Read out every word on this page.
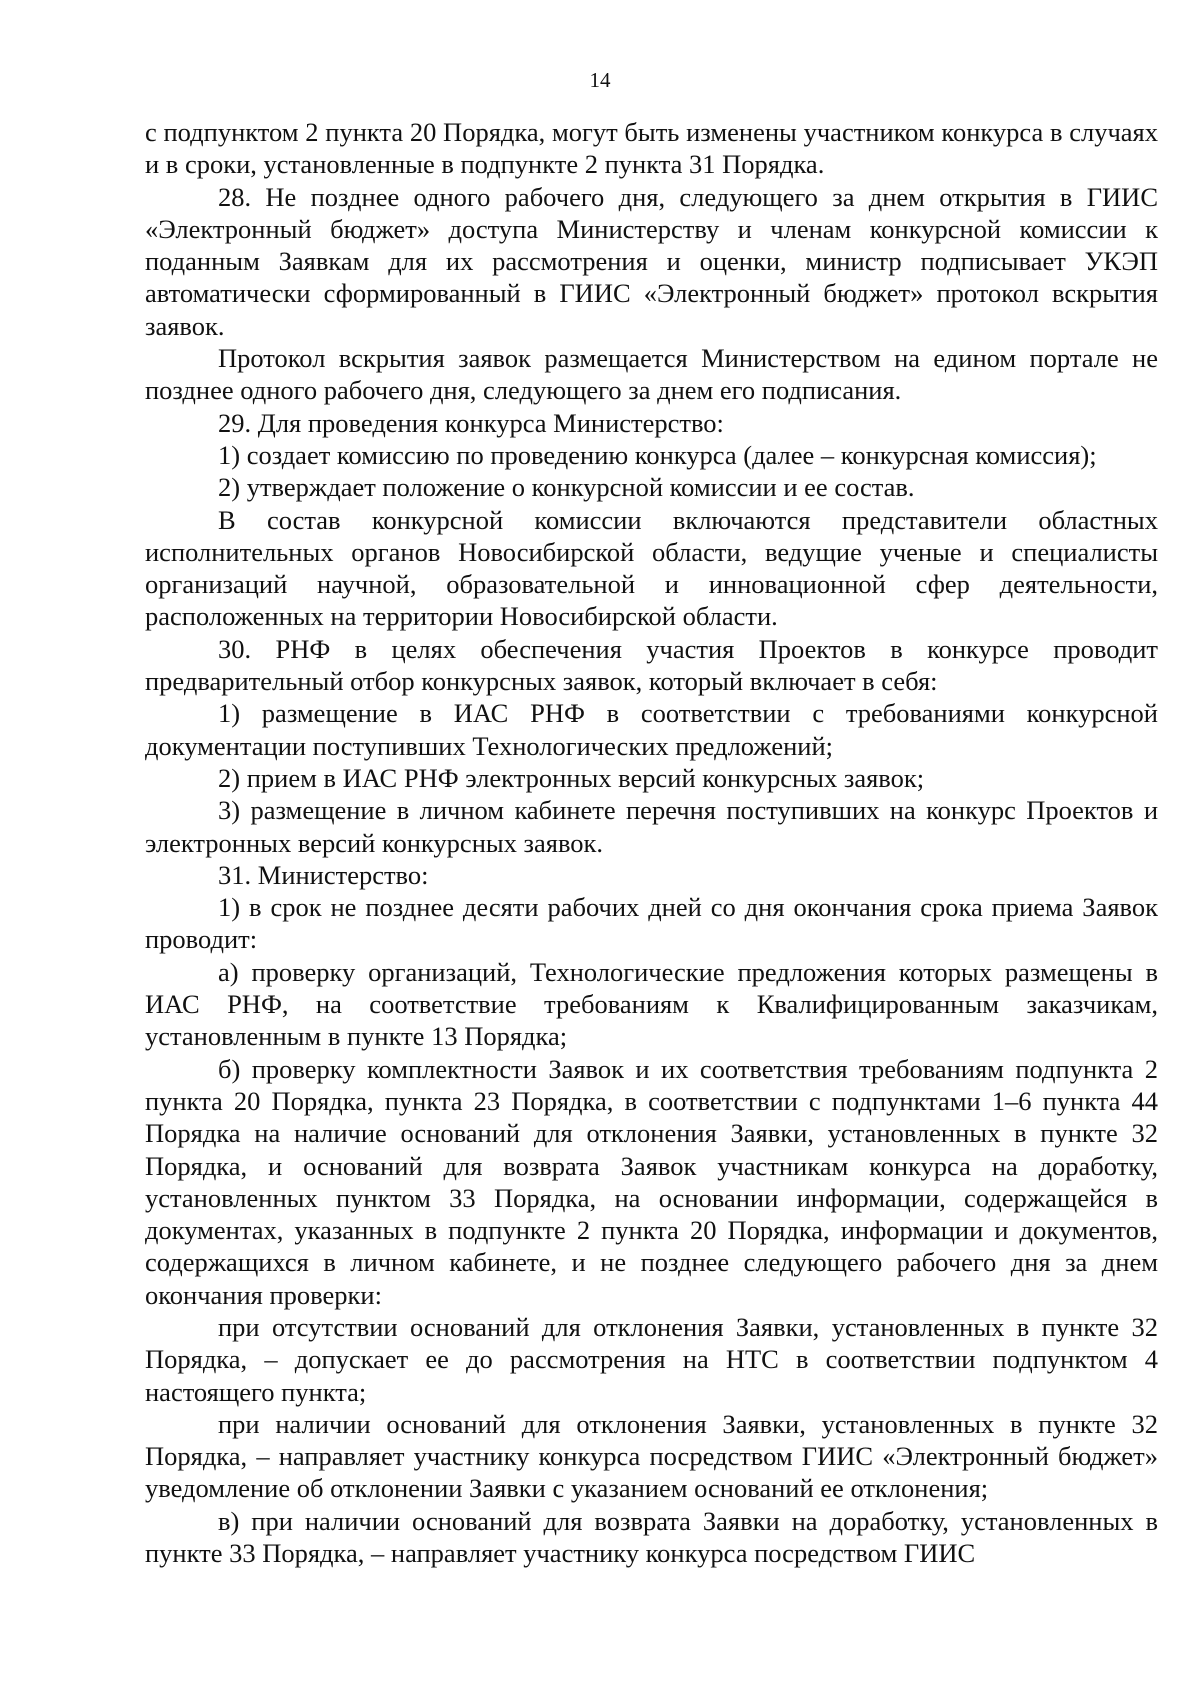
14

с подпунктом 2 пункта 20 Порядка, могут быть изменены участником конкурса в случаях и в сроки, установленные в подпункте 2 пункта 31 Порядка.

28. Не позднее одного рабочего дня, следующего за днем открытия в ГИИС «Электронный бюджет» доступа Министерству и членам конкурсной комиссии к поданным Заявкам для их рассмотрения и оценки, министр подписывает УКЭП автоматически сформированный в ГИИС «Электронный бюджет» протокол вскрытия заявок.

Протокол вскрытия заявок размещается Министерством на едином портале не позднее одного рабочего дня, следующего за днем его подписания.

29. Для проведения конкурса Министерство:

1) создает комиссию по проведению конкурса (далее – конкурсная комиссия);

2) утверждает положение о конкурсной комиссии и ее состав.

В состав конкурсной комиссии включаются представители областных исполнительных органов Новосибирской области, ведущие ученые и специалисты организаций научной, образовательной и инновационной сфер деятельности, расположенных на территории Новосибирской области.

30. РНФ в целях обеспечения участия Проектов в конкурсе проводит предварительный отбор конкурсных заявок, который включает в себя:

1) размещение в ИАС РНФ в соответствии с требованиями конкурсной документации поступивших Технологических предложений;

2) прием в ИАС РНФ электронных версий конкурсных заявок;

3) размещение в личном кабинете перечня поступивших на конкурс Проектов и электронных версий конкурсных заявок.

31. Министерство:

1) в срок не позднее десяти рабочих дней со дня окончания срока приема Заявок проводит:

а) проверку организаций, Технологические предложения которых размещены в ИАС РНФ, на соответствие требованиям к Квалифицированным заказчикам, установленным в пункте 13 Порядка;

б) проверку комплектности Заявок и их соответствия требованиям подпункта 2 пункта 20 Порядка, пункта 23 Порядка, в соответствии с подпунктами 1–6 пункта 44 Порядка на наличие оснований для отклонения Заявки, установленных в пункте 32 Порядка, и оснований для возврата Заявок участникам конкурса на доработку, установленных пунктом 33 Порядка, на основании информации, содержащейся в документах, указанных в подпункте 2 пункта 20 Порядка, информации и документов, содержащихся в личном кабинете, и не позднее следующего рабочего дня за днем окончания проверки:

при отсутствии оснований для отклонения Заявки, установленных в пункте 32 Порядка, – допускает ее до рассмотрения на НТС в соответствии подпунктом 4 настоящего пункта;

при наличии оснований для отклонения Заявки, установленных в пункте 32 Порядка, – направляет участнику конкурса посредством ГИИС «Электронный бюджет» уведомление об отклонении Заявки с указанием оснований ее отклонения;

в) при наличии оснований для возврата Заявки на доработку, установленных в пункте 33 Порядка, – направляет участнику конкурса посредством ГИИС
